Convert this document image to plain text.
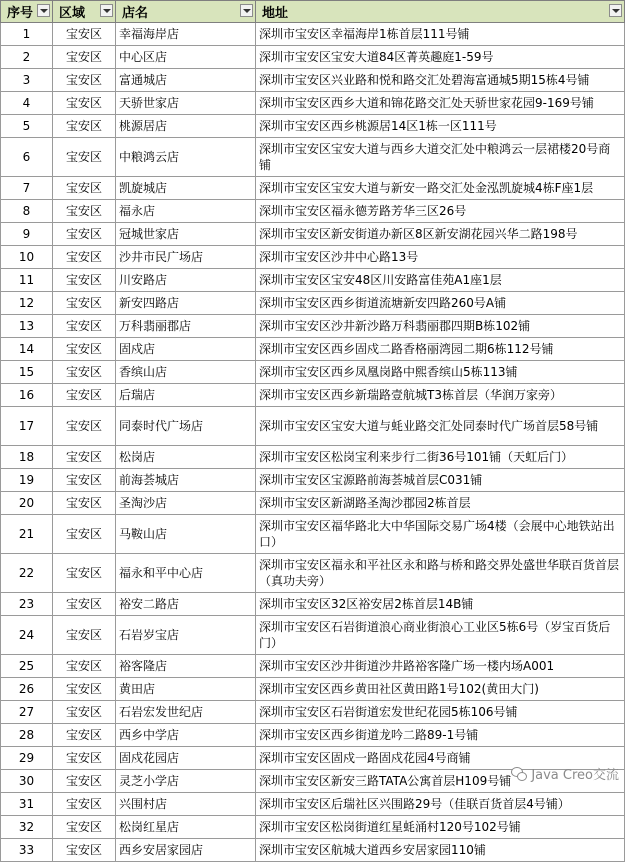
序号	区域	店名	地址

1	宝安区	幸福海岸店	深圳市宝安区幸福海岸1栋首层111号铺
2	宝安区	中心区店	深圳市宝安区宝安大道84区菁英趣庭1-59号
3	宝安区	富通城店	深圳市宝安区兴业路和悦和路交汇处碧海富通城5期15栋4号铺
4	宝安区	天骄世家店	深圳市宝安区西乡大道和锦花路交汇处天骄世家花园9-169号铺
5	宝安区	桃源居店	深圳市宝安区西乡桃源居14区1栋一区111号
6	宝安区	中粮鸿云店	深圳市宝安区宝安大道与西乡大道交汇处中粮鸿云一层裙楼20号商铺
7	宝安区	凯旋城店	深圳市宝安区宝安大道与新安一路交汇处金泓凯旋城4栋F座1层
8	宝安区	福永店	深圳市宝安区福永德芳路芳华三区26号
9	宝安区	冠城世家店	深圳市宝安区新安街道办新区8区新安湖花园兴华二路198号
10	宝安区	沙井市民广场店	深圳市宝安区沙井中心路13号
11	宝安区	川安路店	深圳市宝安区宝安48区川安路富佳苑A1座1层
12	宝安区	新安四路店	深圳市宝安区西乡街道流塘新安四路260号A铺
13	宝安区	万科翡丽郡店	深圳市宝安区沙井新沙路万科翡丽郡四期B栋102铺
14	宝安区	固戍店	深圳市宝安区西乡固戍二路香格丽湾园二期6栋112号铺
15	宝安区	香缤山店	深圳市宝安区西乡凤凰岗路中熙香缤山5栋113铺
16	宝安区	后瑞店	深圳市宝安区西乡新瑞路壹航城T3栋首层（华润万家旁）
17	宝安区	同泰时代广场店	深圳市宝安区宝安大道与蚝业路交汇处同泰时代广场首层58号铺
18	宝安区	松岗店	深圳市宝安区松岗宝利来步行二街36号101铺（天虹后门）
19	宝安区	前海荟城店	深圳市宝安区宝源路前海荟城首层C031铺
20	宝安区	圣淘沙店	深圳市宝安区新湖路圣淘沙郡园2栋首层
21	宝安区	马鞍山店	深圳市宝安区福华路北大中华国际交易广场4楼（会展中心地铁站出口）
22	宝安区	福永和平中心店	深圳市宝安区福永和平社区永和路与桥和路交界处盛世华联百货首层（真功夫旁）
23	宝安区	裕安二路店	深圳市宝安区32区裕安居2栋首层14B铺
24	宝安区	石岩岁宝店	深圳市宝安区石岩街道浪心商业街浪心工业区5栋6号（岁宝百货后门）
25	宝安区	裕客隆店	深圳市宝安区沙井街道沙井路裕客隆广场一楼内场A001
26	宝安区	黄田店	深圳市宝安区西乡黄田社区黄田路1号102(黄田大门)
27	宝安区	石岩宏发世纪店	深圳市宝安区石岩街道宏发世纪花园5栋106号铺
28	宝安区	西乡中学店	深圳市宝安区西乡街道龙吟二路89-1号铺
29	宝安区	固戍花园店	深圳市宝安区固戍一路固戍花园4号商铺
30	宝安区	灵芝小学店	深圳市宝安区新安三路TATA公寓首层H109号铺
31	宝安区	兴围村店	深圳市宝安区后瑞社区兴围路29号（佳联百货首层4号铺）
32	宝安区	松岗红星店	深圳市宝安区松岗街道红星蚝涌村120号102号铺
33	宝安区	西乡安居家园店	深圳市宝安区航城大道西乡安居家园110铺
Java Creo交流
